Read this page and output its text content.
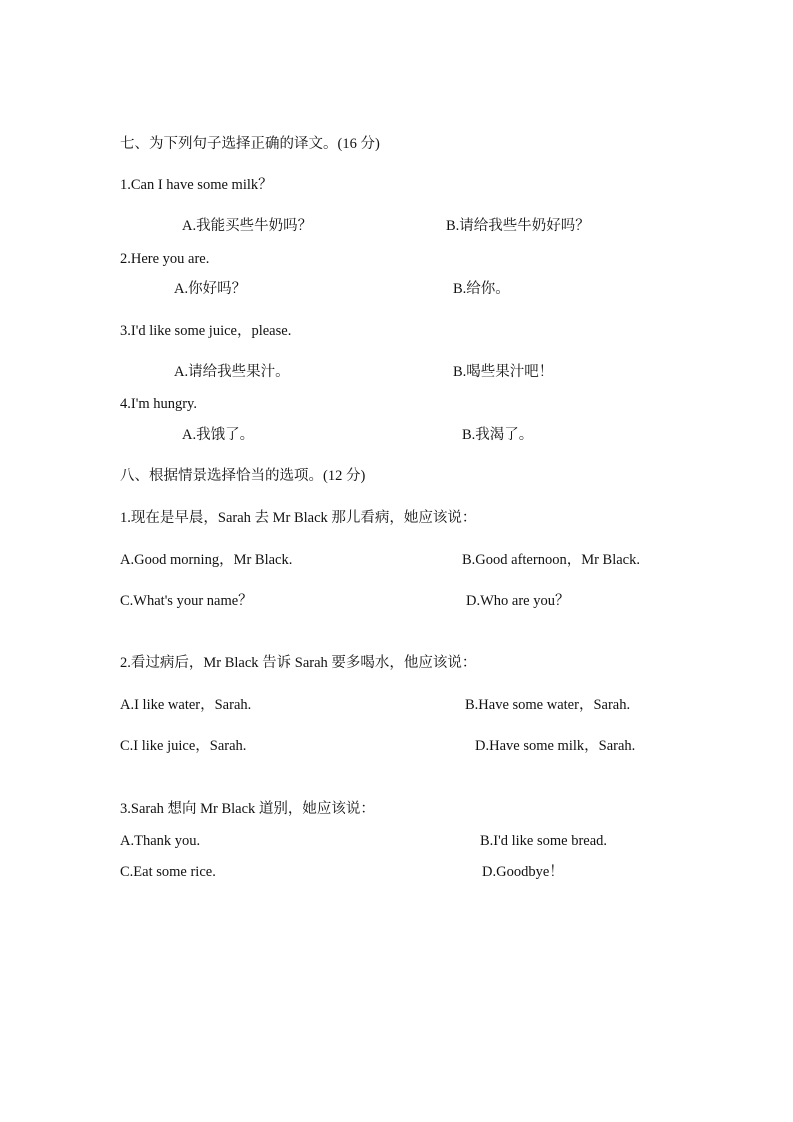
七、为下列句子选择正确的译文。(16 分)
1.Can I have some milk？
A.我能买些牛奶吗？	B.请给我些牛奶好吗？
2.Here you are.
A.你好吗？	B.给你。
3.I'd like some juice，please.
A.请给我些果汁。	B.喝些果汁吧！
4.I'm hungry.
A.我饿了。	B.我渴了。
八、根据情景选择恰当的选项。(12 分)
1.现在是早晨，Sarah 去 Mr Black 那儿看病，她应该说：
A.Good morning，Mr Black.	B.Good afternoon，Mr Black.
C.What's your name？	D.Who are you？
2.看过病后，Mr Black 告诉 Sarah 要多喝水，他应该说：
A.I like water，Sarah.	B.Have some water，Sarah.
C.I like juice，Sarah.	D.Have some milk，Sarah.
3.Sarah 想向 Mr Black 道别，她应该说：
A.Thank you.	B.I'd like some bread.
C.Eat some rice.	D.Goodbye！
